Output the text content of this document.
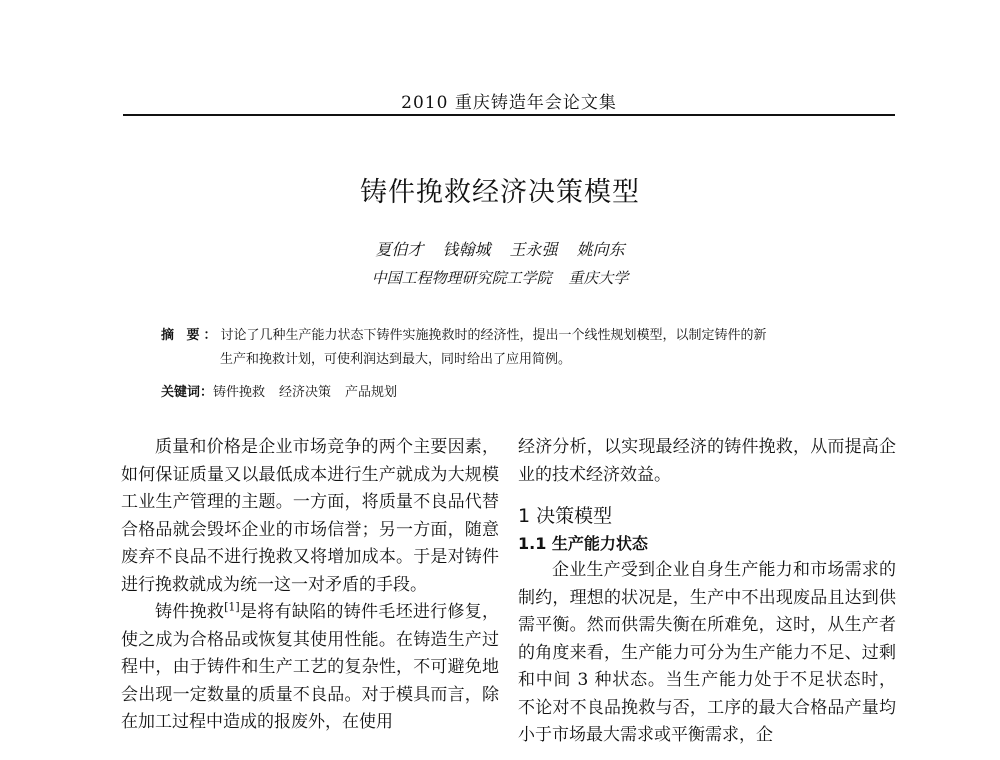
2010 重庆铸造年会论文集
铸件挽救经济决策模型
夏伯才 钱翰城 王永强 姚向东
中国工程物理研究院工学院 重庆大学
摘 要：讨论了几种生产能力状态下铸件实施挽救时的经济性，提出一个线性规划模型，以制定铸件的新
生产和挽救计划，可使利润达到最大，同时给出了应用简例。
关键词：铸件挽救 经济决策 产品规划

质量和价格是企业市场竞争的两个主要因素，如何保证质量又以最低成本进行生产就成为大规模工业生产管理的主题。一方面，将质量不良品代替合格品就会毁坏企业的市场信誉；另一方面，随意废弃不良品不进行挽救又将增加成本。于是对铸件进行挽救就成为统一这一对矛盾的手段。

铸件挽救[1]是将有缺陷的铸件毛坯进行修复，使之成为合格品或恢复其使用性能。在铸造生产过程中，由于铸件和生产工艺的复杂性，不可避免地会出现一定数量的质量不良品。对于模具而言，除在加工过程中造成的报废外，在使用

经济分析，以实现最经济的铸件挽救，从而提高企业的技术经济效益。

1 决策模型
1.1 生产能力状态

企业生产受到企业自身生产能力和市场需求的制约，理想的状况是，生产中不出现废品且达到供需平衡。然而供需失衡在所难免，这时，从生产者的角度来看，生产能力可分为生产能力不足、过剩和中间 3 种状态。当生产能力处于不足状态时，不论对不良品挽救与否，工序的最大合格品产量均小于市场最大需求或平衡需求，企
